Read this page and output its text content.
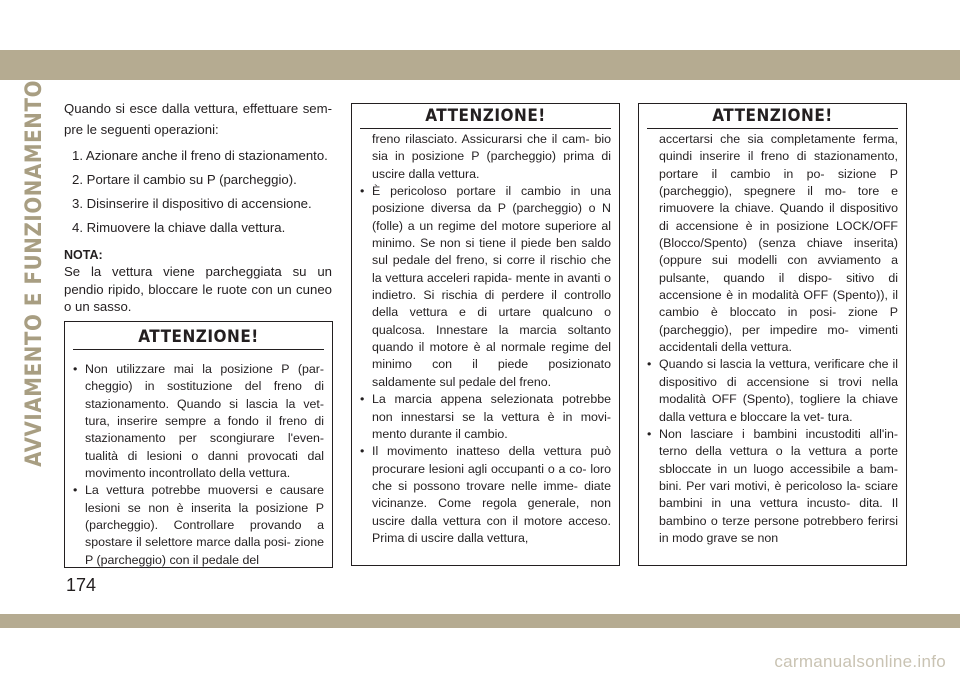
AVVIAMENTO E FUNZIONAMENTO Quando si esce dalla vettura, effettuare sem- pre le seguenti operazioni:

1. Azionare anche il freno di stazionamento.
2. Portare il cambio su P (parcheggio).
3. Disinserire il dispositivo di accensione.
4. Rimuovere la chiave dalla vettura.
NOTA:

Se la vettura viene parcheggiata su un pendio ripido, bloccare le ruote con un cuneo o un sasso.

ATTENZIONE!
• Non utilizzare mai la posizione P (par- cheggio) in sostituzione del freno di stazionamento. Quando si lascia la vet- tura, inserire sempre a fondo il freno di stazionamento per scongiurare l'even- tualità di lesioni o danni provocati dal movimento incontrollato della vettura.
• La vettura potrebbe muoversi e causare lesioni se non è inserita la posizione P (parcheggio). Controllare provando a spostare il selettore marce dalla posi- zione P (parcheggio) con il pedale del
ATTENZIONE!
freno rilasciato. Assicurarsi che il cam- bio sia in posizione P (parcheggio) prima di uscire dalla vettura.
• È pericoloso portare il cambio in una posizione diversa da P (parcheggio) o N (folle) a un regime del motore superiore al minimo. Se non si tiene il piede ben saldo sul pedale del freno, si corre il rischio che la vettura acceleri rapida- mente in avanti o indietro. Si rischia di perdere il controllo della vettura e di urtare qualcuno o qualcosa. Innestare la marcia soltanto quando il motore è al normale regime del minimo con il piede posizionato saldamente sul pedale del freno.
• La marcia appena selezionata potrebbe non innestarsi se la vettura è in movi- mento durante il cambio.
• Il movimento inatteso della vettura può procurare lesioni agli occupanti o a co- loro che si possono trovare nelle imme- diate vicinanze. Come regola generale, non uscire dalla vettura con il motore acceso. Prima di uscire dalla vettura,
ATTENZIONE!
accertarsi che sia completamente ferma, quindi inserire il freno di stazionamento, portare il cambio in po- sizione P (parcheggio), spegnere il mo- tore e rimuovere la chiave. Quando il dispositivo di accensione è in posizione LOCK/OFF (Blocco/Spento) (senza chiave inserita) (oppure sui modelli con avviamento a pulsante, quando il dispo- sitivo di accensione è in modalità OFF (Spento)), il cambio è bloccato in posi- zione P (parcheggio), per impedire mo- vimenti accidentali della vettura.
• Quando si lascia la vettura, verificare che il dispositivo di accensione si trovi nella modalità OFF (Spento), togliere la chiave dalla vettura e bloccare la vet- tura.
• Non lasciare i bambini incustoditi all'in- terno della vettura o la vettura a porte sbloccate in un luogo accessibile a bam- bini. Per vari motivi, è pericoloso la- sciare bambini in una vettura incusto- dita. Il bambino o terze persone potrebbero ferirsi in modo grave se non
174
carmanualsonline.info
